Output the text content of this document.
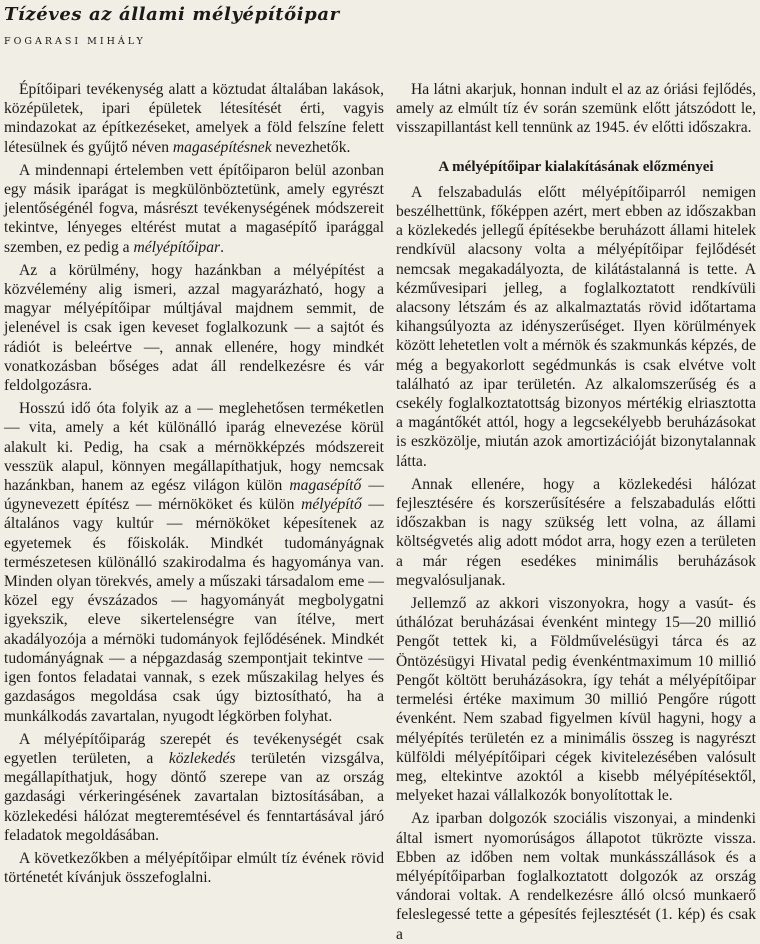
Tízéves az állami mélyépítőipar
FOGARASI MIHÁLY

Építőipari tevékenység alatt a köztudat általában lakások, középületek, ipari épületek létesítését érti, vagyis mindazokat az építkezéseket, amelyek a föld felszíne felett létesülnek és gyűjtő néven magasépítésnek nevezhetők.

A mindennapi értelemben vett építőiparon belül azonban egy másik iparágat is megkülönböztetünk, amely egyrészt jelentőségénél fogva, másrészt tevékenységének módszereit tekintve, lényeges eltérést mutat a magasépítő iparággal szemben, ez pedig a mélyépítőipar.

Az a körülmény, hogy hazánkban a mélyépítést a közvélemény alig ismeri, azzal magyarázható, hogy a magyar mélyépítőipar múltjával majdnem semmit, de jelenével is csak igen keveset foglalkozunk — a sajtót és rádiót is beleértve —, annak ellenére, hogy mindkét vonatkozásban bőséges adat áll rendelkezésre és vár feldolgozásra.

Hosszú idő óta folyik az a — meglehetősen terméketlen — vita, amely a két különálló iparág elnevezése körül alakult ki. Pedig, ha csak a mérnökképzés módszereit vesszük alapul, könnyen megállapíthatjuk, hogy nemcsak hazánkban, hanem az egész világon külön magasépítő — úgynevezett építész — mérnököket és külön mélyépítő — általános vagy kultúr — mérnököket képesítenek az egyetemek és főiskolák. Mindkét tudományágnak természetesen különálló szakirodalma és hagyománya van. Minden olyan törekvés, amely a műszaki társadalom eme — közel egy évszázados — hagyományát megbolygatni igyekszik, eleve sikertelenségre van ítélve, mert akadályozója a mérnöki tudományok fejlődésének. Mindkét tudományágnak — a népgazdaság szempontjait tekintve — igen fontos feladatai vannak, s ezek műszakilag helyes és gazdaságos megoldása csak úgy biztosítható, ha a munkálkodás zavartalan, nyugodt légkörben folyhat.

A mélyépítőiparág szerepét és tevékenységét csak egyetlen területen, a közlekedés területén vizsgálva, megállapíthatjuk, hogy döntő szerepe van az ország gazdasági vérkeringésének zavartalan biztosításában, a közlekedési hálózat megteremtésével és fenntartásával járó feladatok megoldásában.

A következőkben a mélyépítőipar elmúlt tíz évének rövid történetét kívánjuk összefoglalni.

Ha látni akarjuk, honnan indult el az az óriási fejlődés, amely az elmúlt tíz év során szemünk előtt játszódott le, visszapillantást kell tennünk az 1945. év előtti időszakra.

A mélyépítőipar kialakításának előzményei

A felszabadulás előtt mélyépítőiparról nemigen beszélhettünk, főképpen azért, mert ebben az időszakban a közlekedés jellegű építésekbe beruházott állami hitelek rendkívül alacsony volta a mélyépítőipar fejlődését nemcsak megakadályozta, de kilátástalanná is tette. A kézművesipari jelleg, a foglalkoztatott rendkívüli alacsony létszám és az alkalmaztatás rövid időtartama kihangsúlyozta az idényszerűséget. Ilyen körülmények között lehetetlen volt a mérnök és szakmunkás képzés, de még a begyakorlott segédmunkás is csak elvétve volt található az ipar területén. Az alkalomszerűség és a csekély foglalkoztatottság bizonyos mértékig elriasztotta a magántőkét attól, hogy a legcsekélyebb beruházásokat is eszközölje, miután azok amortizációját bizonytalannak látta.

Annak ellenére, hogy a közlekedési hálózat fejlesztésére és korszerűsítésére a felszabadulás előtti időszakban is nagy szükség lett volna, az állami költségvetés alig adott módot arra, hogy ezen a területen a már régen esedékes minimális beruházások megvalósuljanak.

Jellemző az akkori viszonyokra, hogy a vasút- és úthálózat beruházásai évenként mintegy 15—20 millió Pengőt tettek ki, a Földművelésügyi tárca és az Öntözésügyi Hivatal pedig évenkéntmaximum 10 millió Pengőt költött beruházásokra, így tehát a mélyépítőipar termelési értéke maximum 30 millió Pengőre rúgott évenként. Nem szabad figyelmen kívül hagyni, hogy a mélyépítés területén ez a minimális összeg is nagyrészt külföldi mélyépítőipari cégek kivitelezésében valósult meg, eltekintve azoktól a kisebb mélyépítésektől, melyeket hazai vállalkozók bonyolítottak le.

Az iparban dolgozók szociális viszonyai, a mindenki által ismert nyomorúságos állapotot tükrözte vissza. Ebben az időben nem voltak munkásszállások és a mélyépítőiparban foglalkoztatott dolgozók az ország vándorai voltak. A rendelkezésre álló olcsó munkaerő feleslegessé tette a gépesítés fejlesztését (1. kép) és csak a
